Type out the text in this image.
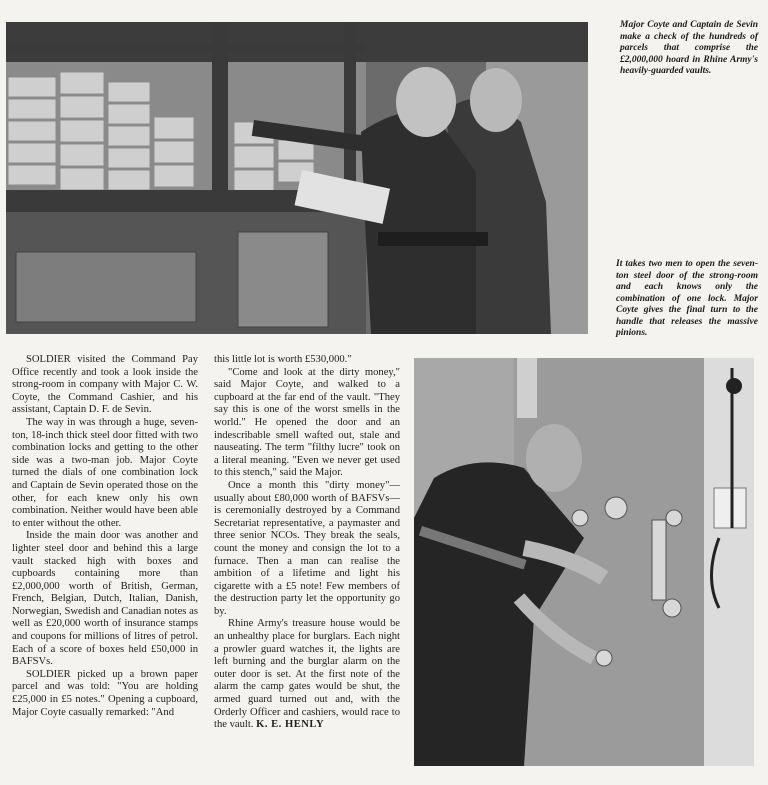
Major Coyte and Captain de Sevin make a check of the hundreds of parcels that comprise the £2,000,000 hoard in Rhine Army's heavily-guarded vaults.
It takes two men to open the seven-ton steel door of the strong-room and each knows only the combination of one lock. Major Coyte gives the final turn to the handle that releases the massive pinions.

SOLDIER visited the Command Pay Office recently and took a look inside the strong-room in company with Major C. W. Coyte, the Command Cashier, and his assistant, Captain D. F. de Sevin.

The way in was through a huge, seven-ton, 18-inch thick steel door fitted with two combination locks and getting to the other side was a two-man job. Major Coyte turned the dials of one combination lock and Captain de Sevin operated those on the other, for each knew only his own combination. Neither would have been able to enter without the other.

Inside the main door was another and lighter steel door and behind this a large vault stacked high with boxes and cupboards containing more than £2,000,000 worth of British, German, French, Belgian, Dutch, Italian, Danish, Norwegian, Swedish and Canadian notes as well as £20,000 worth of insurance stamps and coupons for millions of litres of petrol. Each of a score of boxes held £50,000 in BAFSVs.

SOLDIER picked up a brown paper parcel and was told: "You are holding £25,000 in £5 notes." Opening a cupboard, Major Coyte casually remarked: "And

this little lot is worth £530,000."

"Come and look at the dirty money," said Major Coyte, and walked to a cupboard at the far end of the vault. "They say this is one of the worst smells in the world." He opened the door and an indescribable smell wafted out, stale and nauseating. The term "filthy lucre" took on a literal meaning. "Even we never get used to this stench," said the Major.

Once a month this "dirty money"—usually about £80,000 worth of BAFSVs—is ceremonially destroyed by a Command Secretariat representative, a paymaster and three senior NCOs. They break the seals, count the money and consign the lot to a furnace. Then a man can realise the ambition of a lifetime and light his cigarette with a £5 note! Few members of the destruction party let the opportunity go by.

Rhine Army's treasure house would be an unhealthy place for burglars. Each night a prowler guard watches it, the lights are left burning and the burglar alarm on the outer door is set. At the first note of the alarm the camp gates would be shut, the armed guard turned out and, with the Orderly Officer and cashiers, would race to the vault. K. E. HENLY
